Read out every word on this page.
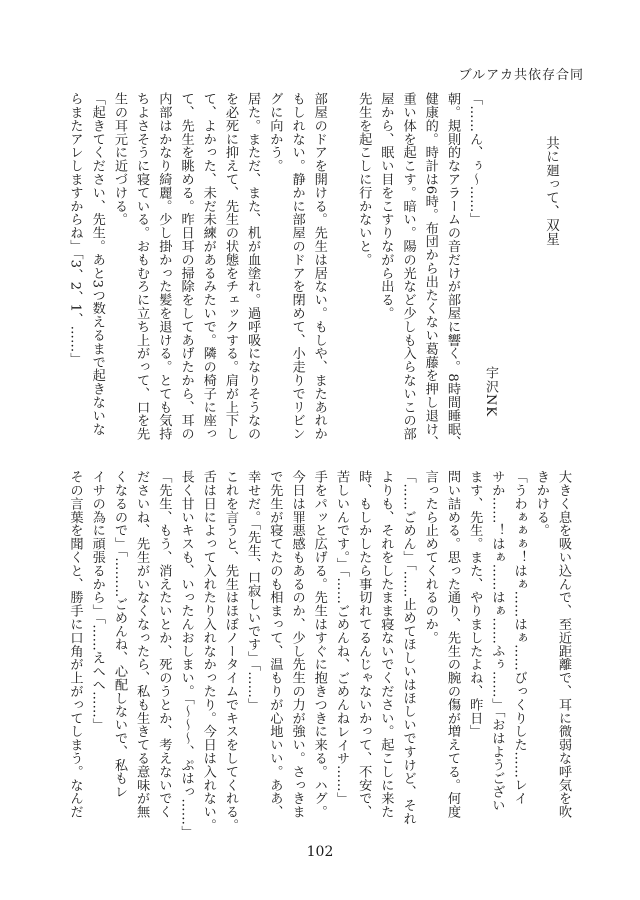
ブルアカ共依存合同
共に廻って、双星
宇沢NK

「……ん、ぅ〜……」
朝。規則的なアラームの音だけが部屋に響く。8時間睡眠、
健康的。時計は6時。布団から出たくない葛藤を押し退け、
重い体を起こす。暗い。陽の光など少しも入らないこの部
屋から、眠い目をこすりながら出る。
先生を起こしに行かないと。

部屋のドアを開ける。先生は居ない。もしや、またあれか
もしれない。静かに部屋のドアを閉めて、小走りでリビン
グに向かう。
居た。まただ、また、机が血塗れ。過呼吸になりそうなの
を必死に抑えて、先生の状態をチェックする。肩が上下し
て、よかった、未だ未練があるみたいで。隣の椅子に座っ
て、先生を眺める。昨日耳の掃除をしてあげたから、耳の
内部はかなり綺麗。少し掛かった髪を退ける。とても気持
ちよさそうに寝ている。おもむろに立ち上がって、口を先
生の耳元に近づける。
「起きてください、先生。あと3つ数えるまで起きないな
らまたアレしますからね」「3、2、1、……」
大きく息を吸い込んで、至近距離で、耳に微弱な呼気を吹
きかける。
「うわぁぁぁ！はぁ……はぁ……びっくりした……レイ
サか……！はぁ……はぁ……ふぅ……」「おはようござい
ます、先生。また、やりましたよね、昨日」
問い詰める。思った通り、先生の腕の傷が増えてる。何度
言ったら止めてくれるのか。
「……ごめん」「……止めてほしいはほしいですけど、それ
よりも、それをしたまま寝ないでください。起こしに来た
時、もしかしたら事切れてるんじゃないかって、不安で、
苦しいんです。」「……ごめんね、ごめんねレイサ……」
手をパッと広げる。先生はすぐに抱きつきに来る。ハグ。
今日は罪悪感もあるのか、少し先生の力が強い。さっきま
で先生が寝てたのも相まって、温もりが心地いい。ああ、
幸せだ。「先生、口寂しいです」「……」
これを言うと、先生はほぼノータイムでキスをしてくれる。
舌は日によって入れたり入れなかったり。今日は入れない。
長く甘いキスも、いったんおしまい。「〜〜〜、ぷはっ……」
「先生、もう、消えたいとか、死のうとか、考えないでく
ださいね、先生がいなくなったら、私も生きてる意味が無
くなるので」「………ごめんね、心配しないで、私もレ
イサの為に頑張るから」「……えへへ……」
その言葉を聞くと、勝手に口角が上がってしまう。なんだ
102
